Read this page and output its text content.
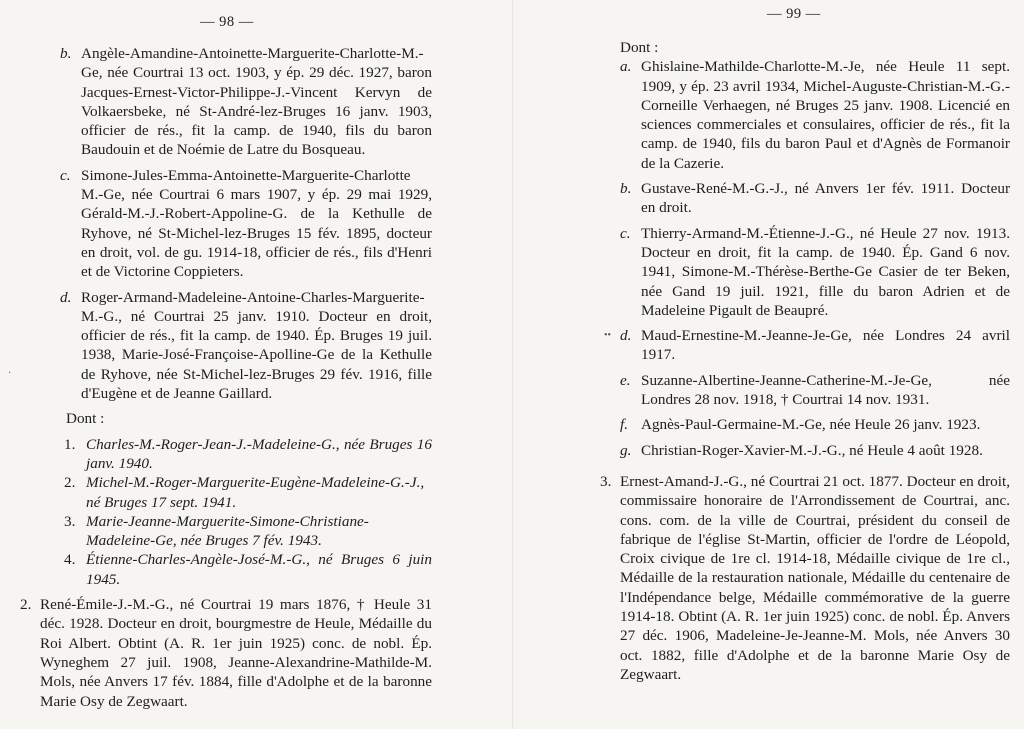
— 98 —
b. Angèle-Amandine-Antoinette-Marguerite-Charlotte-M.-Ge, née Courtrai 13 oct. 1903, y ép. 29 déc. 1927, baron Jacques-Ernest-Victor-Philippe-J.-Vincent Kervyn de Volkaersbeke, né St-André-lez-Bruges 16 janv. 1903, officier de rés., fit la camp. de 1940, fils du baron Baudouin et de Noémie de Latre du Bosqueau.
c. Simone-Jules-Emma-Antoinette-Marguerite-Charlotte M.-Ge, née Courtrai 6 mars 1907, y ép. 29 mai 1929, Gérald-M.-J.-Robert-Appoline-G. de la Kethulle de Ryhove, né St-Michel-lez-Bruges 15 fév. 1895, docteur en droit, vol. de gu. 1914-18, officier de rés., fils d'Henri et de Victorine Coppieters.
d. Roger-Armand-Madeleine-Antoine-Charles-Marguerite-M.-G., né Courtrai 25 janv. 1910. Docteur en droit, officier de rés., fit la camp. de 1940. Ép. Bruges 19 juil. 1938, Marie-José-Françoise-Apolline-Ge de la Kethulle de Ryhove, née St-Michel-lez-Bruges 29 fév. 1916, fille d'Eugène et de Jeanne Gaillard.
Dont :
1. Charles-M.-Roger-Jean-J.-Madeleine-G., née Bruges 16 janv. 1940.
2. Michel-M.-Roger-Marguerite-Eugène-Madeleine-G.-J., né Bruges 17 sept. 1941.
3. Marie-Jeanne-Marguerite-Simone-Christiane-Madeleine-Ge, née Bruges 7 fév. 1943.
4. Étienne-Charles-Angèle-José-M.-G., né Bruges 6 juin 1945.
2. René-Émile-J.-M.-G., né Courtrai 19 mars 1876, † Heule 31 déc. 1928. Docteur en droit, bourgmestre de Heule, Médaille du Roi Albert. Obtint (A. R. 1er juin 1925) conc. de nobl. Ép. Wyneghem 27 juil. 1908, Jeanne-Alexandrine-Mathilde-M. Mols, née Anvers 17 fév. 1884, fille d'Adolphe et de la baronne Marie Osy de Zegwaart.
·
— 99 —
Dont :
a. Ghislaine-Mathilde-Charlotte-M.-Je, née Heule 11 sept. 1909, y ép. 23 avril 1934, Michel-Auguste-Christian-M.-G.-Corneille Verhaegen, né Bruges 25 janv. 1908. Licencié en sciences commerciales et consulaires, officier de rés., fit la camp. de 1940, fils du baron Paul et d'Agnès de Formanoir de la Cazerie.
b. Gustave-René-M.-G.-J., né Anvers 1er fév. 1911. Docteur en droit.
c. Thierry-Armand-M.-Étienne-J.-G., né Heule 27 nov. 1913. Docteur en droit, fit la camp. de 1940. Ép. Gand 6 nov. 1941, Simone-M.-Thérèse-Berthe-Ge Casier de ter Beken, née Gand 19 juil. 1921, fille du baron Adrien et de Madeleine Pigault de Beaupré.
d. Maud-Ernestine-M.-Jeanne-Je-Ge, née Londres 24 avril 1917.
e. Suzanne-Albertine-Jeanne-Catherine-M.-Je-Ge, née Londres 28 nov. 1918, † Courtrai 14 nov. 1931.
f. Agnès-Paul-Germaine-M.-Ge, née Heule 26 janv. 1923.
g. Christian-Roger-Xavier-M.-J.-G., né Heule 4 août 1928.
3. Ernest-Amand-J.-G., né Courtrai 21 oct. 1877. Docteur en droit, commissaire honoraire de l'Arrondissement de Courtrai, anc. cons. com. de la ville de Courtrai, président du conseil de fabrique de l'église St-Martin, officier de l'ordre de Léopold, Croix civique de 1re cl. 1914-18, Médaille civique de 1re cl., Médaille de la restauration nationale, Médaille du centenaire de l'Indépendance belge, Médaille commémorative de la guerre 1914-18. Obtint (A. R. 1er juin 1925) conc. de nobl. Ép. Anvers 27 déc. 1906, Madeleine-Je-Jeanne-M. Mols, née Anvers 30 oct. 1882, fille d'Adolphe et de la baronne Marie Osy de Zegwaart.
••
